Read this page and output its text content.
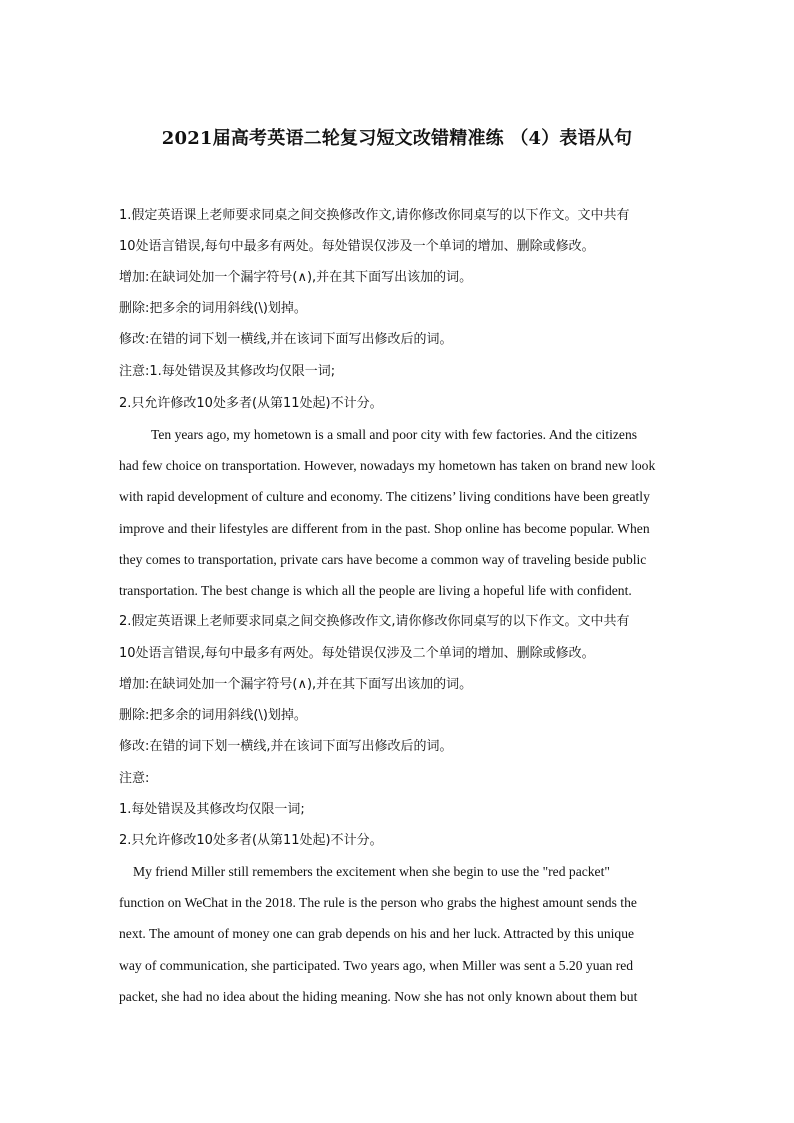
2021届高考英语二轮复习短文改错精准练 （4）表语从句
1.假定英语课上老师要求同桌之间交换修改作文,请你修改你同桌写的以下作文。文中共有
10处语言错误,每句中最多有两处。每处错误仅涉及一个单词的增加、删除或修改。
增加:在缺词处加一个漏字符号(∧),并在其下面写出该加的词。
删除:把多余的词用斜线(\)划掉。
修改:在错的词下划一横线,并在该词下面写出修改后的词。
注意:1.每处错误及其修改均仅限一词;
2.只允许修改10处多者(从第11处起)不计分。
Ten years ago, my hometown is a small and poor city with few factories. And the citizens
had few choice on transportation. However, nowadays my hometown has taken on brand new look
with rapid development of culture and economy. The citizens’ living conditions have been greatly
improve and their lifestyles are different from in the past. Shop online has become popular. When
they comes to transportation, private cars have become a common way of traveling beside public
transportation. The best change is which all the people are living a hopeful life with confident.
2.假定英语课上老师要求同桌之间交换修改作文,请你修改你同桌写的以下作文。文中共有
10处语言错误,每句中最多有两处。每处错误仅涉及二个单词的增加、删除或修改。
增加:在缺词处加一个漏字符号(∧),并在其下面写出该加的词。
删除:把多余的词用斜线(\)划掉。
修改:在错的词下划一横线,并在该词下面写出修改后的词。
注意:
1.每处错误及其修改均仅限一词;
2.只允许修改10处多者(从第11处起)不计分。
My friend Miller still remembers the excitement when she begin to use the "red packet"
function on WeChat in the 2018. The rule is the person who grabs the highest amount sends the
next. The amount of money one can grab depends on his and her luck. Attracted by this unique
way of communication, she participated. Two years ago, when Miller was sent a 5.20 yuan red
packet, she had no idea about the hiding meaning. Now she has not only known about them but
